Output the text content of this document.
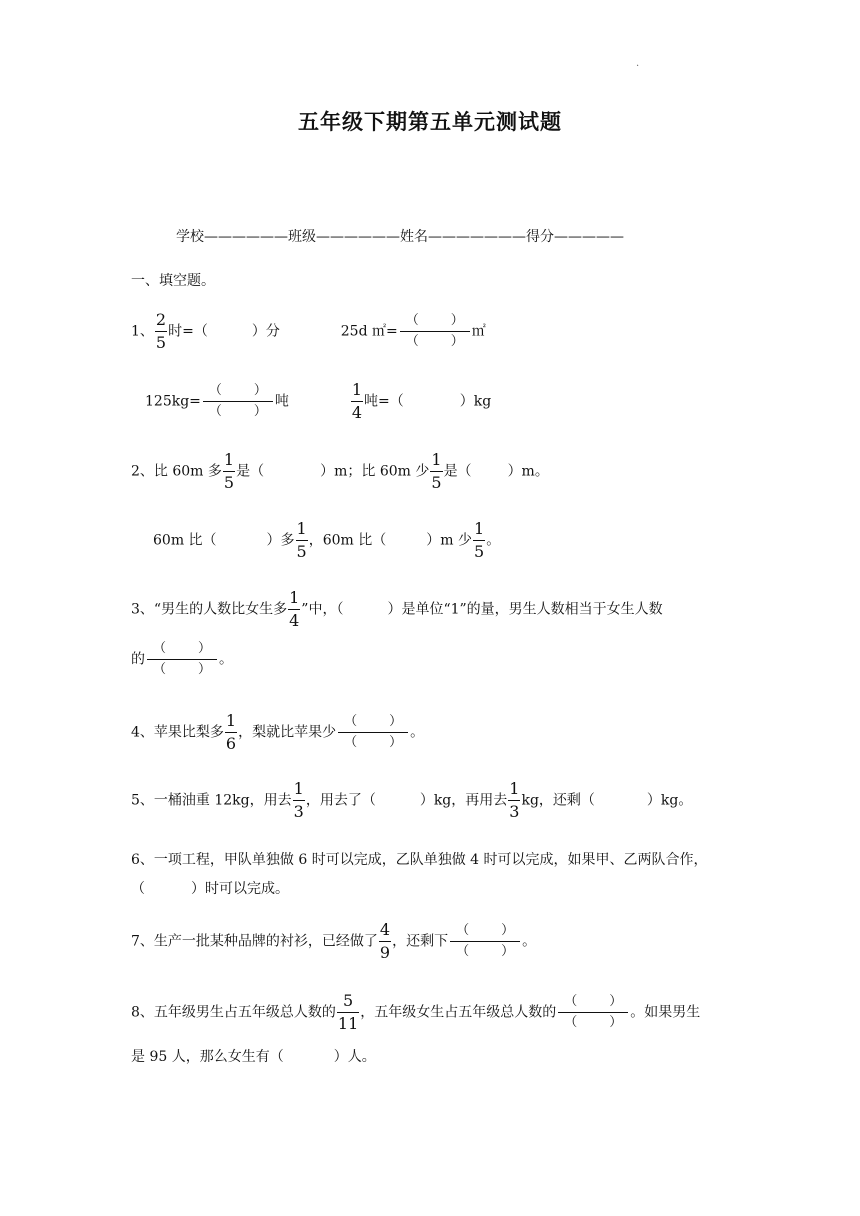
.
五年级下期第五单元测试题
学校——————班级——————姓名———————得分—————
一、填空题。
1、 $\frac{2}{5}$ 时=（	）分	25d ㎡=
（ ）
（ ）
㎡
125kg=
（ ）
（ ）
吨	$\frac{1}{4}$ 吨=（	）kg
2、比 60m 多 $\frac{1}{5}$ 是（	）m；比 60m 少 $\frac{1}{5}$ 是（	）m。
60m 比（	）多 $\frac{1}{5}$ ，60m 比（	）m 少 $\frac{1}{5}$ 。
3、“男生的人数比女生多 $\frac{1}{4}$ ”中，（	）是单位“1”的量，男生人数相当于女生人数
的
（ ）
（ ）
。
4、苹果比梨多 $\frac{1}{6}$ ，梨就比苹果少
（ ）
（ ）
。
5、一桶油重 12kg，用去 $\frac{1}{3}$ ，用去了（	）kg，再用去 $\frac{1}{3}$ kg，还剩（	）kg。
6、一项工程，甲队单独做 6 时可以完成，乙队单独做 4 时可以完成，如果甲、乙两队合作，
（	）时可以完成。
7、生产一批某种品牌的衬衫，已经做了 $\frac{4}{9}$ ，还剩下
（ ）
（ ）
。
8、五年级男生占五年级总人数的 $\frac{5}{11}$ ，五年级女生占五年级总人数的
（ ）
（ ）
。如果男生
是 95 人，那么女生有（	）人。
